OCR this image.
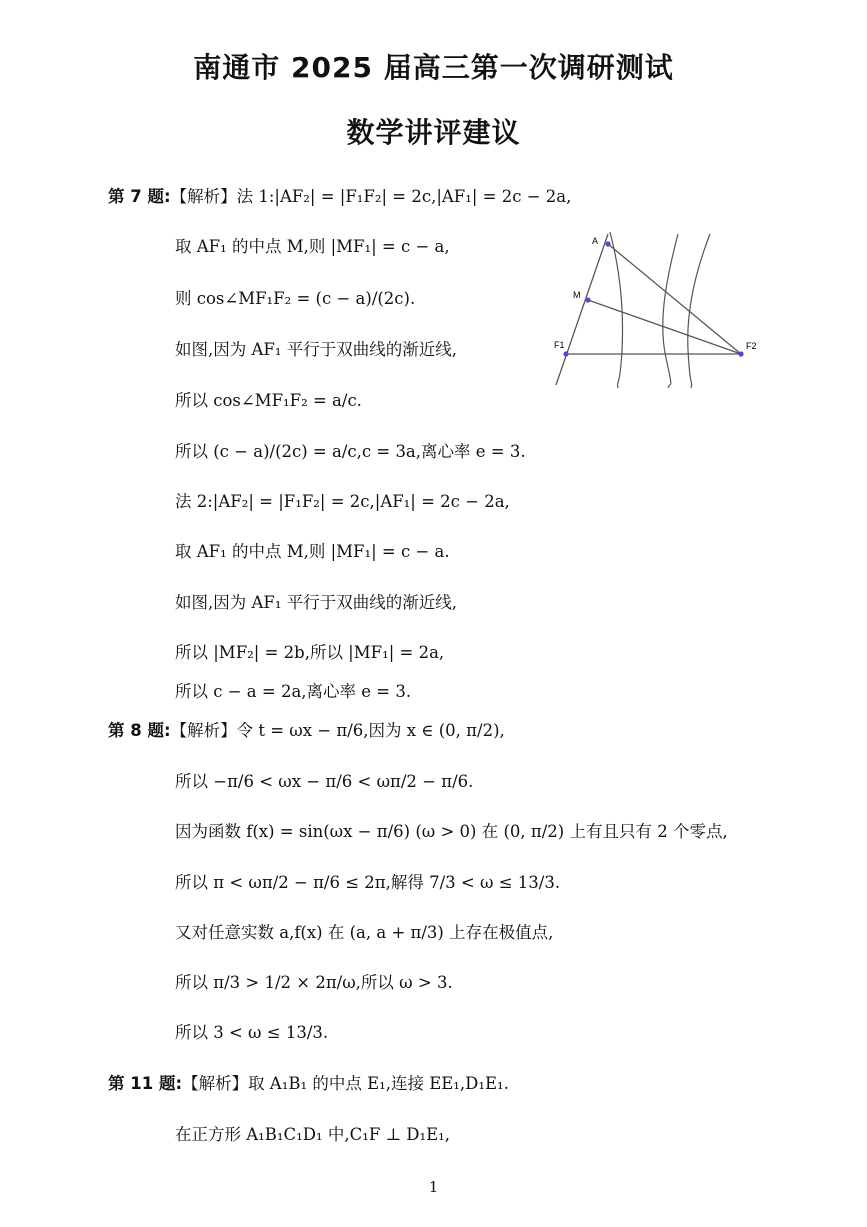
南通市 2025 届高三第一次调研测试
数学讲评建议
第 7 题:【解析】法 1:|AF₂| = |F₁F₂| = 2c,|AF₁| = 2c − 2a,
取 AF₁ 的中点 M,则 |MF₁| = c − a,
则 cos∠MF₁F₂ = (c − a)/(2c).
如图,因为 AF₁ 平行于双曲线的渐近线,
所以 cos∠MF₁F₂ = a/c.
所以 (c − a)/(2c) = a/c,c = 3a,离心率 e = 3.
法 2:|AF₂| = |F₁F₂| = 2c,|AF₁| = 2c − 2a,
取 AF₁ 的中点 M,则 |MF₁| = c − a.
如图,因为 AF₁ 平行于双曲线的渐近线,
所以 |MF₂| = 2b,所以 |MF₁| = 2a,
所以 c − a = 2a,离心率 e = 3.
A
M
F1	F2
第 8 题:【解析】令 t = ωx − π/6,因为 x ∈ (0, π/2),
所以 −π/6 < ωx − π/6 < ωπ/2 − π/6.
因为函数 f(x) = sin(ωx − π/6) (ω > 0) 在 (0, π/2) 上有且只有 2 个零点,
所以 π < ωπ/2 − π/6 ≤ 2π,解得 7/3 < ω ≤ 13/3.
又对任意实数 a,f(x) 在 (a, a + π/3) 上存在极值点,
所以 π/3 > 1/2 × 2π/ω,所以 ω > 3.
所以 3 < ω ≤ 13/3.
第 11 题:【解析】取 A₁B₁ 的中点 E₁,连接 EE₁,D₁E₁.
在正方形 A₁B₁C₁D₁ 中,C₁F ⊥ D₁E₁,
1
